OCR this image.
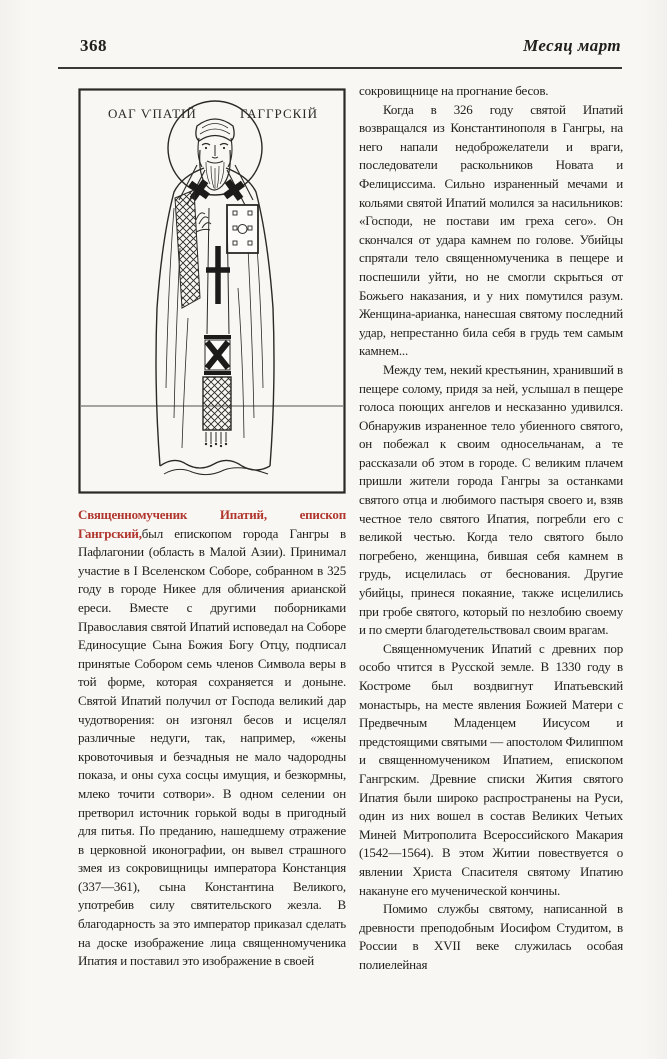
368	Месяц март
ОАГ ѴПАТІЙ	ГАГГРСКІЙ

Священномученик Ипатий, епископ Гангрский,был епископом города Гангры в Пафлагонии (область в Малой Азии). Принимал участие в I Вселенском Соборе, собранном в 325 году в городе Никее для обличения арианской ереси. Вместе с другими поборниками Православия святой Ипатий исповедал на Соборе Единосущие Сына Божия Богу Отцу, подписал принятые Собором семь членов Символа веры в той форме, которая сохраняется и доныне. Святой Ипатий получил от Господа великий дар чудотворения: он изгонял бесов и исцелял различные недуги, так, например, «жены кровоточивыя и безчадныя не мало чадородны показа, и оны суха сосцы имущия, и безкормны, млеко точити сотвори». В одном селении он претворил источник горькой воды в пригодный для питья. По преданию, нашедшему отражение в церковной иконографии, он вывел страшного змея из сокровищницы императора Констанция (337—361), сына Константина Великого, употребив силу святительского жезла. В благодарность за это император приказал сделать на доске изображение лица священномученика Ипатия и поставил это изображение в своей

сокровищнице на прогнание бесов.

Когда в 326 году святой Ипатий возвращался из Константинополя в Гангры, на него напали недоброжелатели и враги, последователи раскольников Новата и Фелициссима. Сильно израненный мечами и кольями святой Ипатий молился за насильников: «Господи, не постави им греха сего». Он скончался от удара камнем по голове. Убийцы спрятали тело священномученика в пещере и поспешили уйти, но не смогли скрыться от Божьего наказания, и у них помутился разум. Женщина-арианка, нанесшая святому последний удар, непрестанно била себя в грудь тем самым камнем...

Между тем, некий крестьянин, хранивший в пещере солому, придя за ней, услышал в пещере голоса поющих ангелов и несказанно удивился. Обнаружив израненное тело убиенного святого, он побежал к своим односельчанам, а те рассказали об этом в городе. С великим плачем пришли жители города Гангры за останками святого отца и любимого пастыря своего и, взяв честное тело святого Ипатия, погребли его с великой честью. Когда тело святого было погребено, женщина, бившая себя камнем в грудь, исцелилась от беснования. Другие убийцы, принеся покаяние, также исцелились при гробе святого, который по незлобию своему и по смерти благодетельствовал своим врагам.

Священномученик Ипатий с древних пор особо чтится в Русской земле. В 1330 году в Костроме был воздвигнут Ипатьевский монастырь, на месте явления Божией Матери с Предвечным Младенцем Иисусом и предстоящими святыми — апостолом Филиппом и священномучеником Ипатием, епископом Гангрским. Древние списки Жития святого Ипатия были широко распространены на Руси, один из них вошел в состав Великих Четьих Миней Митрополита Всероссийского Макария (1542—1564). В этом Житии повествуется о явлении Христа Спасителя святому Ипатию накануне его мученической кончины.

Помимо службы святому, написанной в древности преподобным Иосифом Студитом, в России в XVII веке служилась особая полиелейная
